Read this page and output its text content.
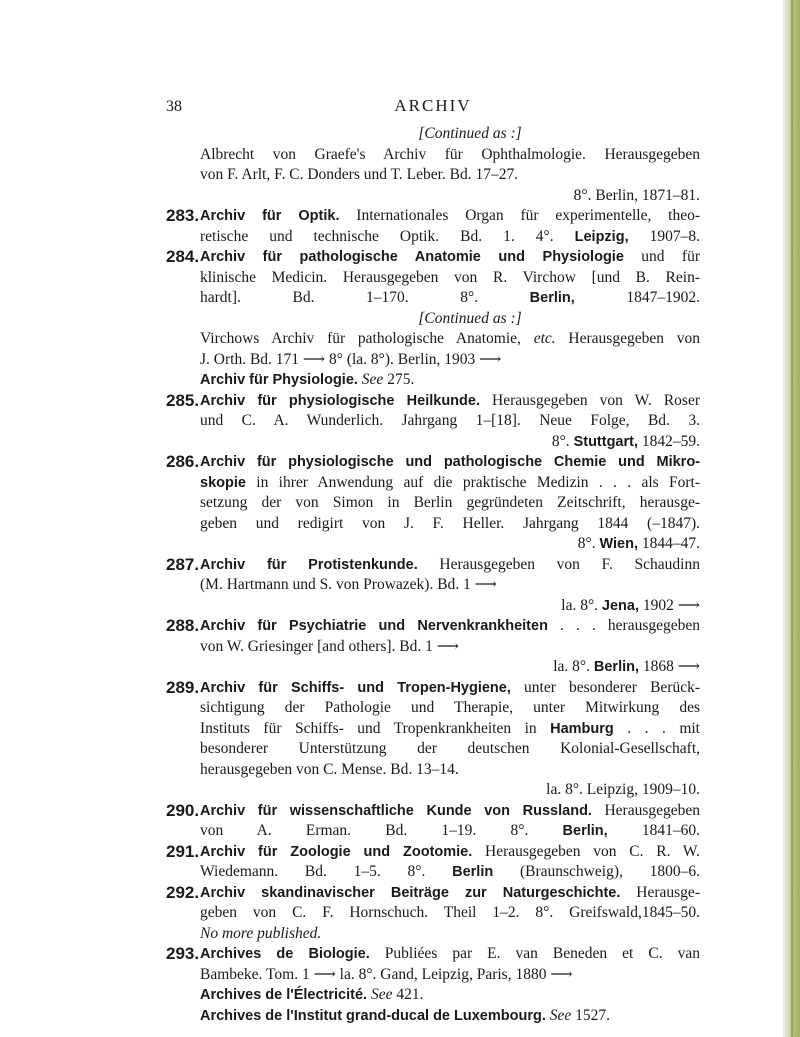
38	ARCHIV
[Continued as :]
Albrecht von Graefe's Archiv für Ophthalmologie. Herausgegeben
von F. Arlt, F. C. Donders und T. Leber. Bd. 17–27.
8°. Berlin, 1871–81.
283. Archiv für Optik. Internationales Organ für experimentelle, theo-
retische und technische Optik. Bd. 1. 4°. Leipzig, 1907–8.
284. Archiv für pathologische Anatomie und Physiologie und für
klinische Medicin. Herausgegeben von R. Virchow [und B. Rein-
hardt]. Bd. 1–170. 8°. Berlin, 1847–1902.
[Continued as :]
Virchows Archiv für pathologische Anatomie, etc. Herausgegeben von
J. Orth. Bd. 171 ⟶ 8° (la. 8°). Berlin, 1903 ⟶
Archiv für Physiologie. See 275.
285. Archiv für physiologische Heilkunde. Herausgegeben von W. Roser
und C. A. Wunderlich. Jahrgang 1–[18]. Neue Folge, Bd. 3.
8°. Stuttgart, 1842–59.
286. Archiv für physiologische und pathologische Chemie und Mikro-
skopie in ihrer Anwendung auf die praktische Medizin . . . als Fort-
setzung der von Simon in Berlin gegründeten Zeitschrift, herausge-
geben und redigirt von J. F. Heller. Jahrgang 1844 (–1847).
8°. Wien, 1844–47.
287. Archiv für Protistenkunde. Herausgegeben von F. Schaudinn
(M. Hartmann und S. von Prowazek). Bd. 1 ⟶
la. 8°. Jena, 1902 ⟶
288. Archiv für Psychiatrie und Nervenkrankheiten . . . herausgegeben
von W. Griesinger [and others]. Bd. 1 ⟶
la. 8°. Berlin, 1868 ⟶
289. Archiv für Schiffs- und Tropen-Hygiene, unter besonderer Berück-
sichtigung der Pathologie und Therapie, unter Mitwirkung des
Instituts für Schiffs- und Tropenkrankheiten in Hamburg . . . mit
besonderer Unterstützung der deutschen Kolonial-Gesellschaft,
herausgegeben von C. Mense. Bd. 13–14.
la. 8°. Leipzig, 1909–10.
290. Archiv für wissenschaftliche Kunde von Russland. Herausgegeben
von A. Erman. Bd. 1–19. 8°. Berlin, 1841–60.
291. Archiv für Zoologie und Zootomie. Herausgegeben von C. R. W.
Wiedemann. Bd. 1–5. 8°. Berlin (Braunschweig), 1800–6.
292. Archiv skandinavischer Beiträge zur Naturgeschichte. Herausge-
geben von C. F. Hornschuch. Theil 1–2. 8°. Greifswald,1845–50.
No more published.
293. Archives de Biologie. Publiées par E. van Beneden et C. van
Bambeke. Tom. 1 ⟶ la. 8°. Gand, Leipzig, Paris, 1880 ⟶
Archives de l'Électricité. See 421.
Archives de l'Institut grand-ducal de Luxembourg. See 1527.
